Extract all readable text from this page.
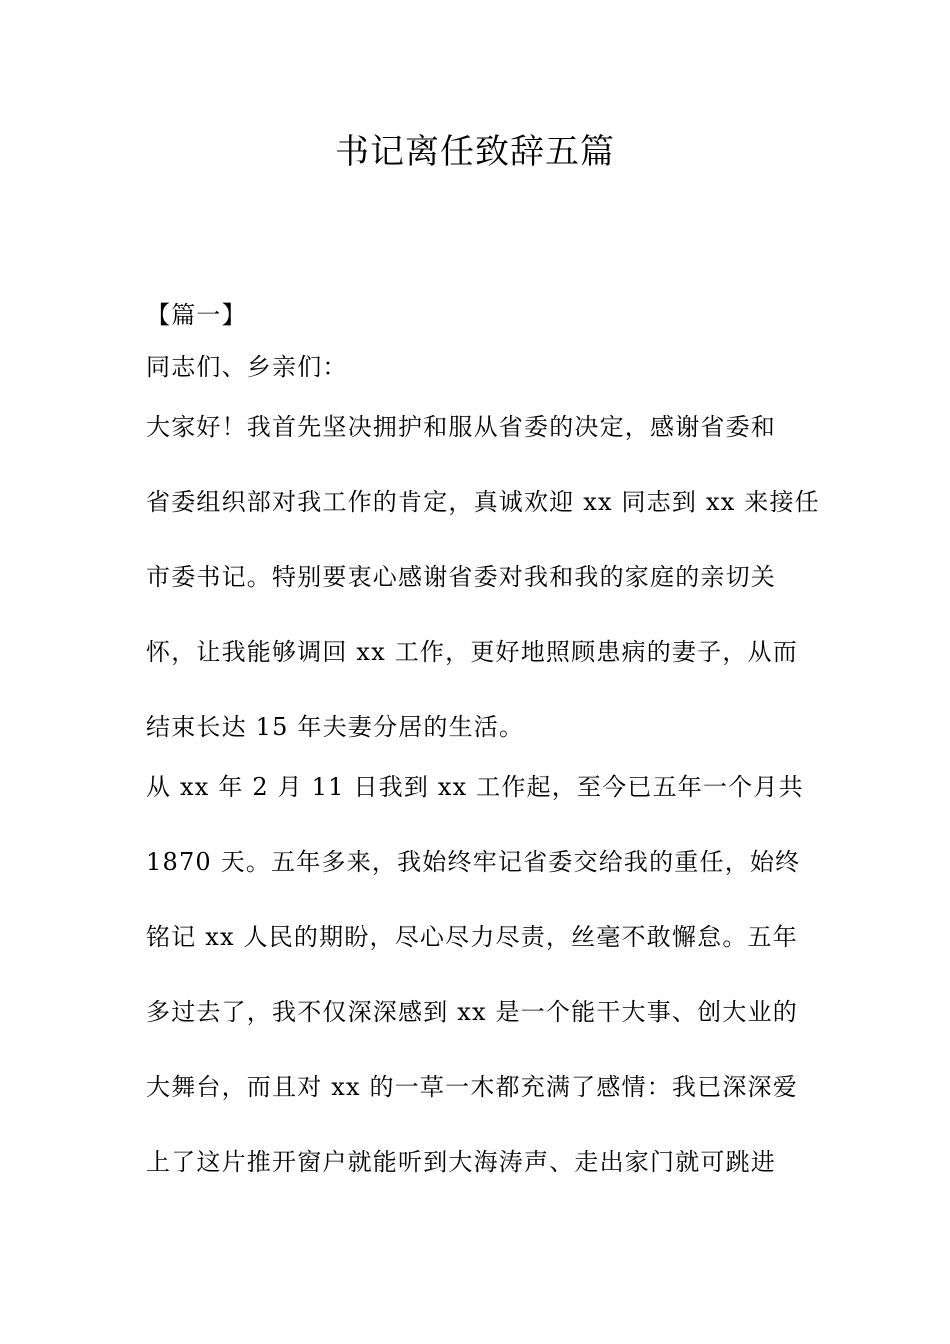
书记离任致辞五篇
【篇一】
同志们、乡亲们：
大家好！我首先坚决拥护和服从省委的决定，感谢省委和
省委组织部对我工作的肯定，真诚欢迎 xx 同志到 xx 来接任
市委书记。特别要衷心感谢省委对我和我的家庭的亲切关
怀，让我能够调回 xx 工作，更好地照顾患病的妻子，从而
结束长达 15 年夫妻分居的生活。
从 xx 年 2 月 11 日我到 xx 工作起，至今已五年一个月共
1870 天。五年多来，我始终牢记省委交给我的重任，始终
铭记 xx 人民的期盼，尽心尽力尽责，丝毫不敢懈怠。五年
多过去了，我不仅深深感到 xx 是一个能干大事、创大业的
大舞台，而且对 xx 的一草一木都充满了感情：我已深深爱
上了这片推开窗户就能听到大海涛声、走出家门就可跳进
